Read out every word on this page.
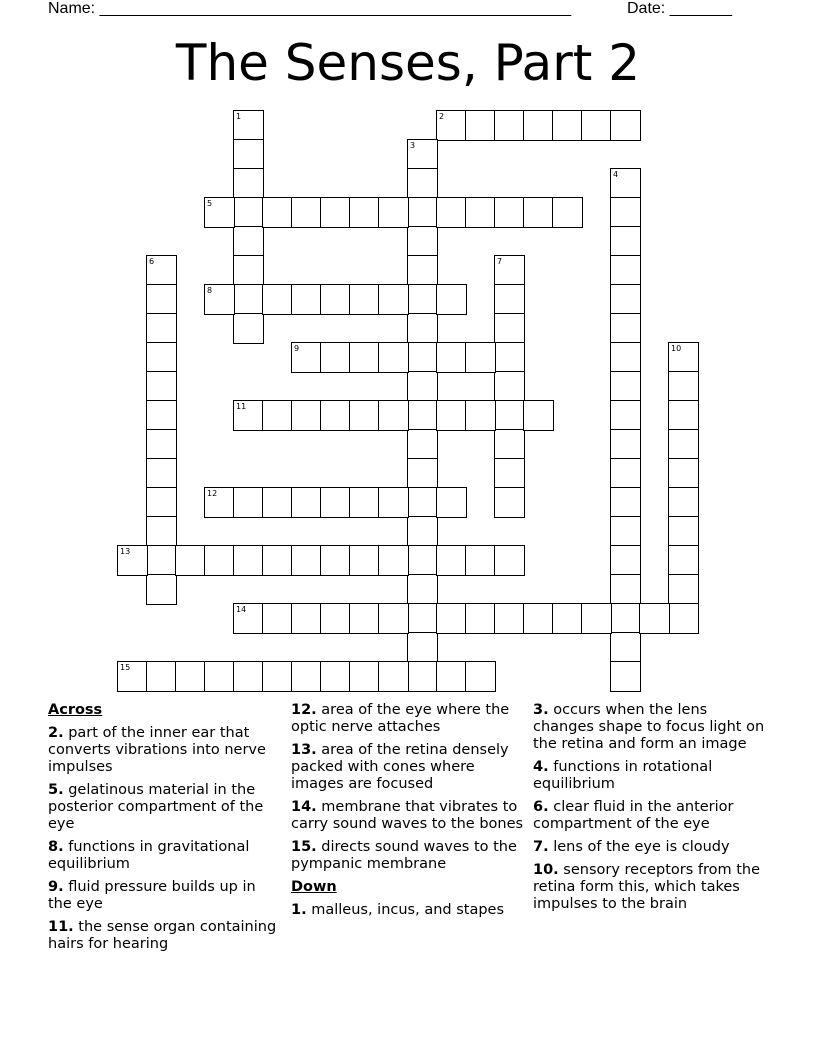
Name: _____________________________________________________	Date: _______
The Senses, Part 2
1	2
3
4
5
6	7
8
9	10
11
12
13
14
15
Across
2. part of the inner ear that converts vibrations into nerve impulses
5. gelatinous material in the posterior compartment of the eye
8. functions in gravitational equilibrium
9. fluid pressure builds up in the eye
11. the sense organ containing hairs for hearing
12. area of the eye where the optic nerve attaches
13. area of the retina densely packed with cones where images are focused
14. membrane that vibrates to carry sound waves to the bones
15. directs sound waves to the pympanic membrane
Down
1. malleus, incus, and stapes
3. occurs when the lens changes shape to focus light on the retina and form an image
4. functions in rotational equilibrium
6. clear fluid in the anterior compartment of the eye
7. lens of the eye is cloudy
10. sensory receptors from the retina form this, which takes impulses to the brain
